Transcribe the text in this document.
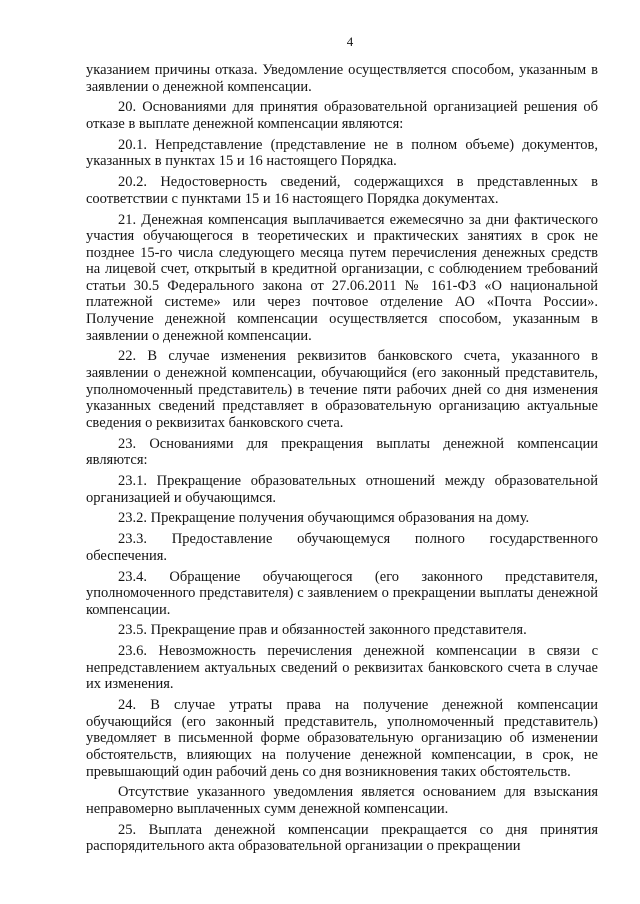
4

указанием причины отказа. Уведомление осуществляется способом, указанным в заявлении о денежной компенсации.

20. Основаниями для принятия образовательной организацией решения об отказе в выплате денежной компенсации являются:

20.1. Непредставление (представление не в полном объеме) документов, указанных в пунктах 15 и 16 настоящего Порядка.

20.2. Недостоверность сведений, содержащихся в представленных в соответствии с пунктами 15 и 16 настоящего Порядка документах.

21. Денежная компенсация выплачивается ежемесячно за дни фактического участия обучающегося в теоретических и практических занятиях в срок не позднее 15-го числа следующего месяца путем перечисления денежных средств на лицевой счет, открытый в кредитной организации, с соблюдением требований статьи 30.5 Федерального закона от 27.06.2011 № 161-ФЗ «О национальной платежной системе» или через почтовое отделение АО «Почта России». Получение денежной компенсации осуществляется способом, указанным в заявлении о денежной компенсации.

22. В случае изменения реквизитов банковского счета, указанного в заявлении о денежной компенсации, обучающийся (его законный представитель, уполномоченный представитель) в течение пяти рабочих дней со дня изменения указанных сведений представляет в образовательную организацию актуальные сведения о реквизитах банковского счета.

23. Основаниями для прекращения выплаты денежной компенсации являются:

23.1. Прекращение образовательных отношений между образовательной организацией и обучающимся.

23.2. Прекращение получения обучающимся образования на дому.

23.3. Предоставление обучающемуся полного государственного обеспечения.

23.4. Обращение обучающегося (его законного представителя, уполномоченного представителя) с заявлением о прекращении выплаты денежной компенсации.

23.5. Прекращение прав и обязанностей законного представителя.

23.6. Невозможность перечисления денежной компенсации в связи с непредставлением актуальных сведений о реквизитах банковского счета в случае их изменения.

24. В случае утраты права на получение денежной компенсации обучающийся (его законный представитель, уполномоченный представитель) уведомляет в письменной форме образовательную организацию об изменении обстоятельств, влияющих на получение денежной компенсации, в срок, не превышающий один рабочий день со дня возникновения таких обстоятельств.

Отсутствие указанного уведомления является основанием для взыскания неправомерно выплаченных сумм денежной компенсации.

25. Выплата денежной компенсации прекращается со дня принятия распорядительного акта образовательной организации о прекращении
